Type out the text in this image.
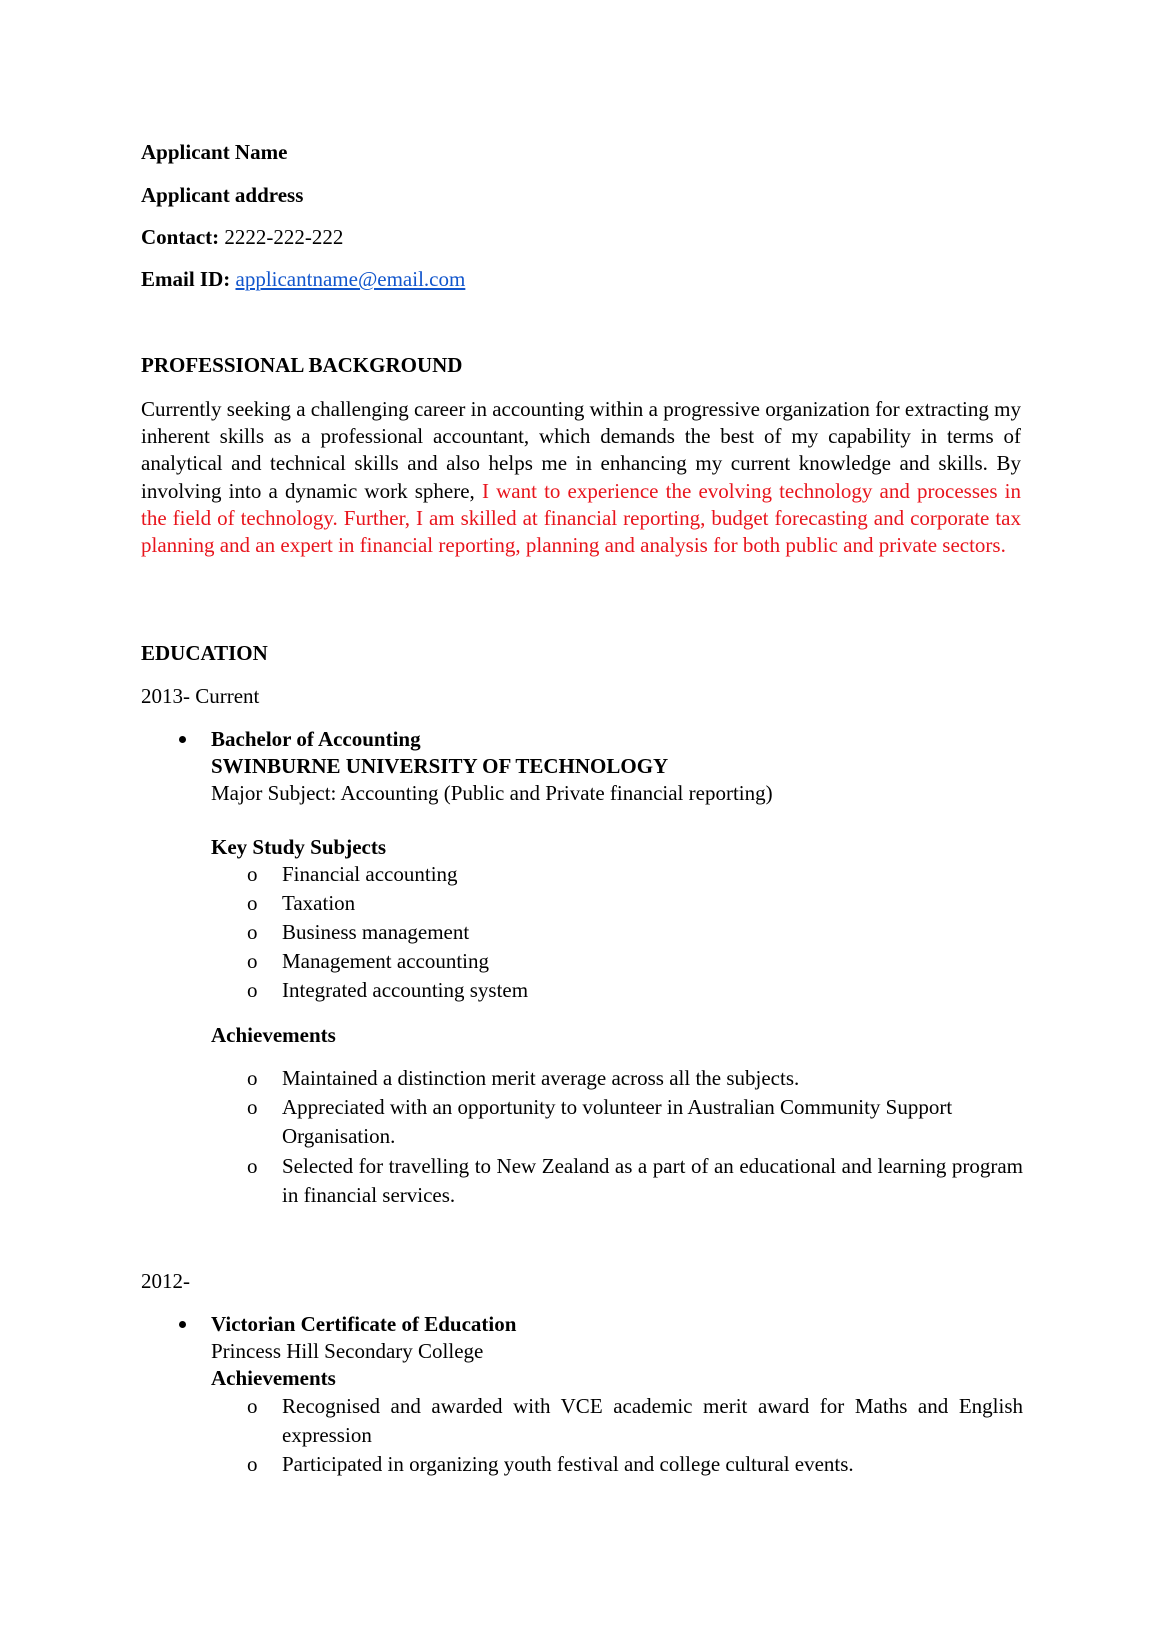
Applicant Name
Applicant address
Contact: 2222-222-222
Email ID: applicantname@email.com
PROFESSIONAL BACKGROUND
Currently seeking a challenging career in accounting within a progressive organization for extracting my inherent skills as a professional accountant, which demands the best of my capability in terms of analytical and technical skills and also helps me in enhancing my current knowledge and skills. By involving into a dynamic work sphere, I want to experience the evolving technology and processes in the field of technology. Further, I am skilled at financial reporting, budget forecasting and corporate tax planning and an expert in financial reporting, planning and analysis for both public and private sectors.
EDUCATION
2013- Current
Bachelor of Accounting
SWINBURNE UNIVERSITY OF TECHNOLOGY
Major Subject: Accounting (Public and Private financial reporting)
Key Study Subjects
o Financial accounting
o Taxation
o Business management
o Management accounting
o Integrated accounting system
Achievements
o Maintained a distinction merit average across all the subjects.
o Appreciated with an opportunity to volunteer in Australian Community Support Organisation.
o Selected for travelling to New Zealand as a part of an educational and learning program in financial services.
2012-
Victorian Certificate of Education
Princess Hill Secondary College
Achievements
o Recognised and awarded with VCE academic merit award for Maths and English expression
o Participated in organizing youth festival and college cultural events.
